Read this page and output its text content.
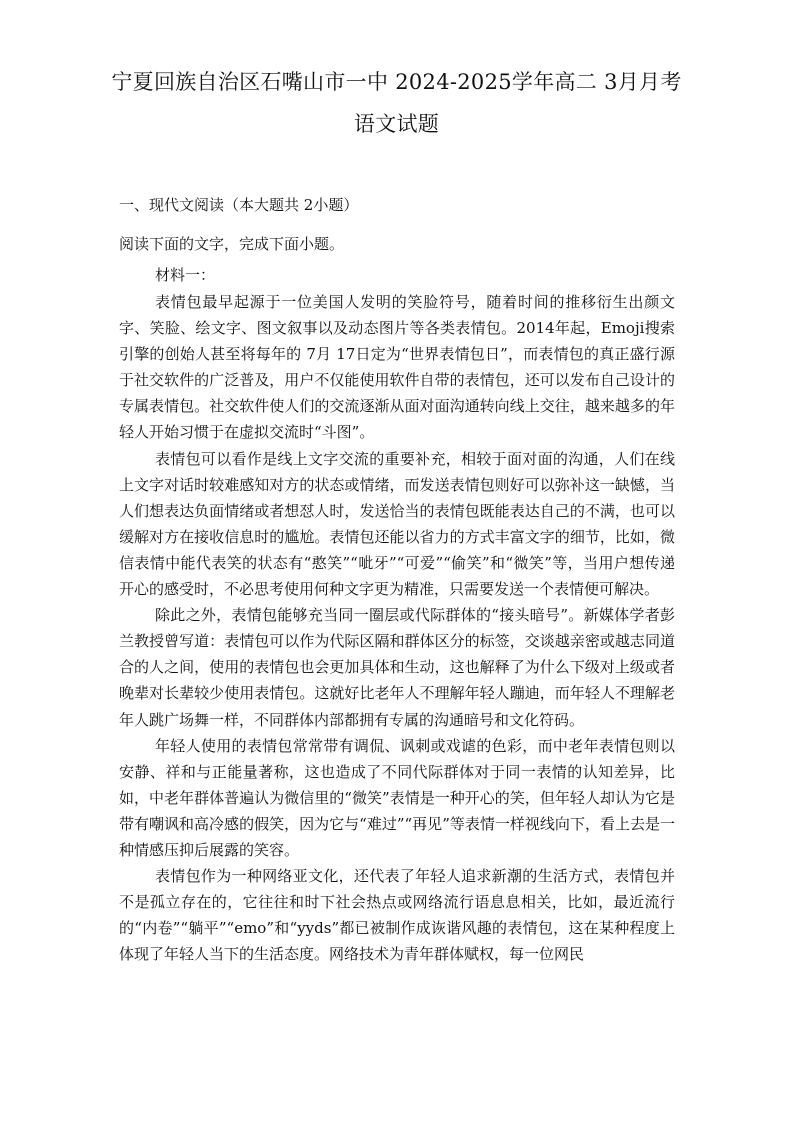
宁夏回族自治区石嘴山市一中 2024-2025学年高二 3月月考
语文试题

一、现代文阅读（本大题共 2小题）

阅读下面的文字，完成下面小题。

材料一：

表情包最早起源于一位美国人发明的笑脸符号，随着时间的推移衍生出颜文字、笑脸、绘文字、图文叙事以及动态图片等各类表情包。2014年起，Emoji搜索引擎的创始人甚至将每年的 7月 17日定为“世界表情包日”，而表情包的真正盛行源于社交软件的广泛普及，用户不仅能使用软件自带的表情包，还可以发布自己设计的专属表情包。社交软件使人们的交流逐渐从面对面沟通转向线上交往，越来越多的年轻人开始习惯于在虚拟交流时“斗图”。

表情包可以看作是线上文字交流的重要补充，相较于面对面的沟通，人们在线上文字对话时较难感知对方的状态或情绪，而发送表情包则好可以弥补这一缺憾，当人们想表达负面情绪或者想怼人时，发送恰当的表情包既能表达自己的不满，也可以缓解对方在接收信息时的尴尬。表情包还能以省力的方式丰富文字的细节，比如，微信表情中能代表笑的状态有“憨笑”“呲牙”“可爱”“偷笑”和“微笑”等，当用户想传递开心的感受时，不必思考使用何种文字更为精准，只需要发送一个表情便可解决。

除此之外，表情包能够充当同一圈层或代际群体的“接头暗号”。新媒体学者彭兰教授曾写道：表情包可以作为代际区隔和群体区分的标签，交谈越亲密或越志同道合的人之间，使用的表情包也会更加具体和生动，这也解释了为什么下级对上级或者晚辈对长辈较少使用表情包。这就好比老年人不理解年轻人蹦迪，而年轻人不理解老年人跳广场舞一样，不同群体内部都拥有专属的沟通暗号和文化符码。

年轻人使用的表情包常常带有调侃、讽刺或戏谑的色彩，而中老年表情包则以安静、祥和与正能量著称，这也造成了不同代际群体对于同一表情的认知差异，比如，中老年群体普遍认为微信里的“微笑”表情是一种开心的笑，但年轻人却认为它是带有嘲讽和高冷感的假笑，因为它与“难过”“再见”等表情一样视线向下，看上去是一种情感压抑后展露的笑容。

表情包作为一种网络亚文化，还代表了年轻人追求新潮的生活方式，表情包并不是孤立存在的，它往往和时下社会热点或网络流行语息息相关，比如，最近流行的“内卷”“躺平”“emo”和“yyds”都已被制作成诙谐风趣的表情包，这在某种程度上体现了年轻人当下的生活态度。网络技术为青年群体赋权，每一位网民
